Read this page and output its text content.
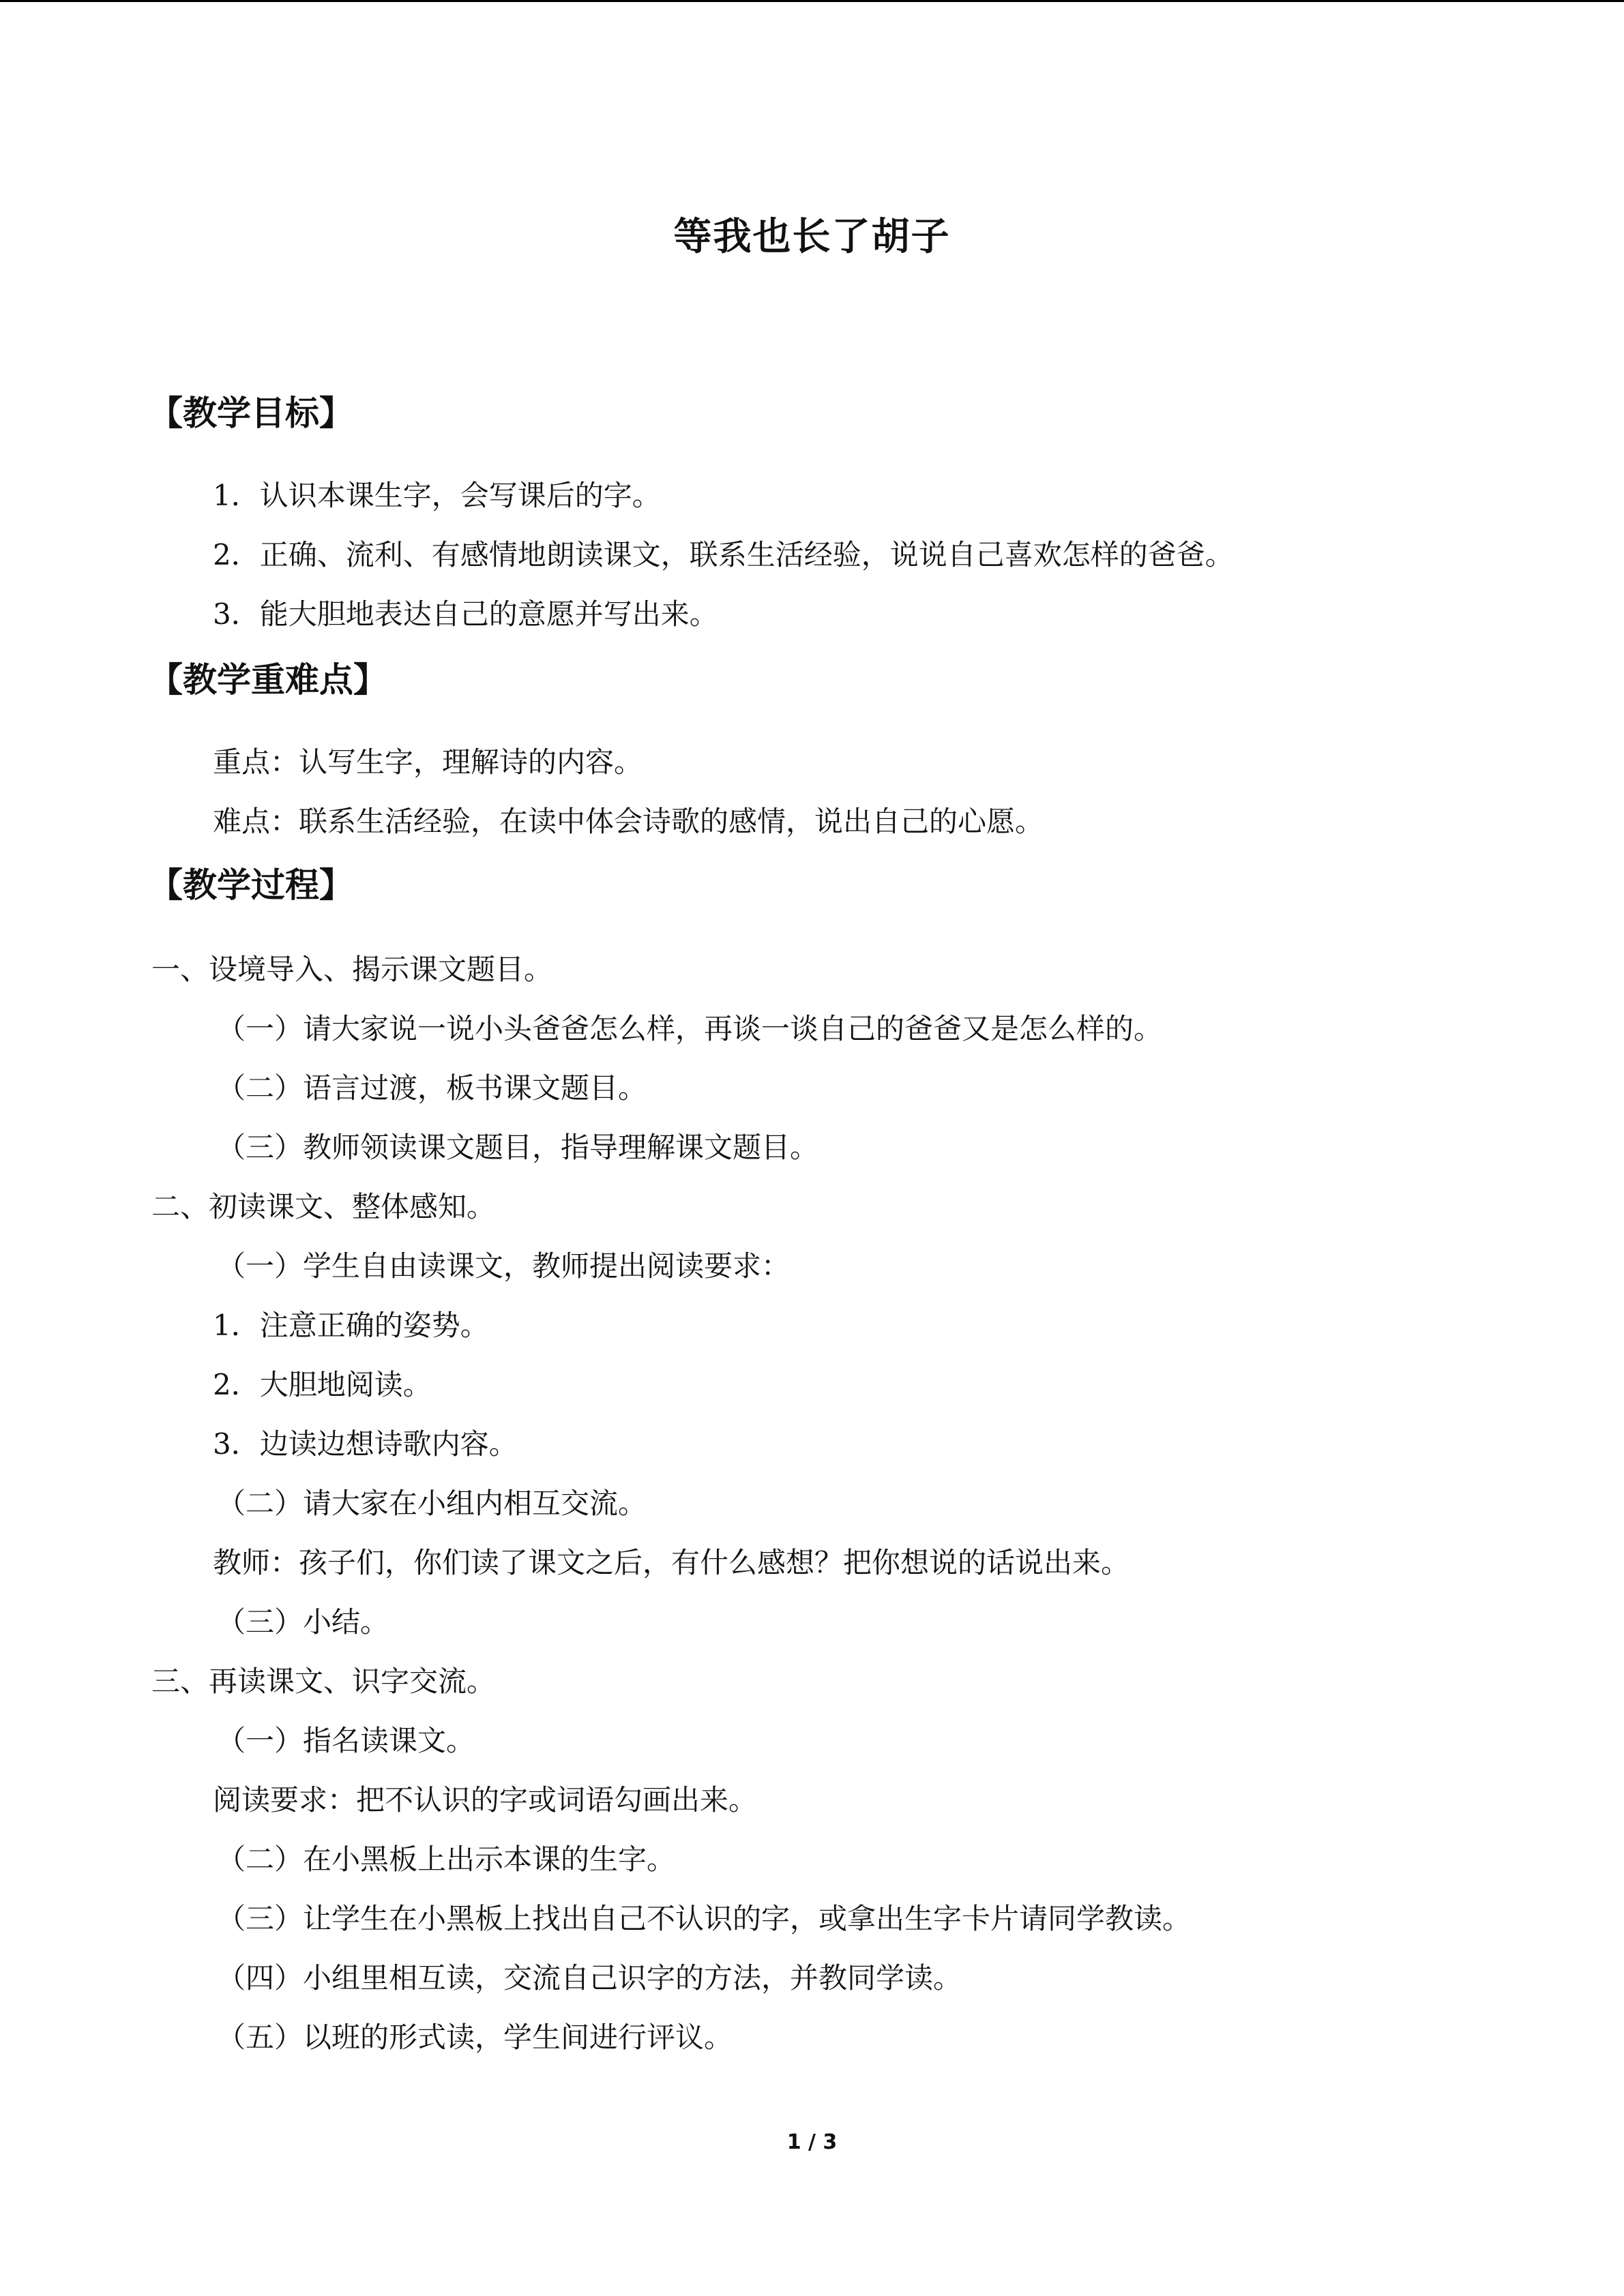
等我也长了胡子
【教学目标】
1．认识本课生字，会写课后的字。
2．正确、流利、有感情地朗读课文，联系生活经验，说说自己喜欢怎样的爸爸。
3．能大胆地表达自己的意愿并写出来。
【教学重难点】
重点：认写生字，理解诗的内容。
难点：联系生活经验，在读中体会诗歌的感情，说出自己的心愿。
【教学过程】
一、设境导入、揭示课文题目。
（一）请大家说一说小头爸爸怎么样，再谈一谈自己的爸爸又是怎么样的。
（二）语言过渡，板书课文题目。
（三）教师领读课文题目，指导理解课文题目。
二、初读课文、整体感知。
（一）学生自由读课文，教师提出阅读要求：
1．注意正确的姿势。
2．大胆地阅读。
3．边读边想诗歌内容。
（二）请大家在小组内相互交流。
教师：孩子们，你们读了课文之后，有什么感想？把你想说的话说出来。
（三）小结。
三、再读课文、识字交流。
（一）指名读课文。
阅读要求：把不认识的字或词语勾画出来。
（二）在小黑板上出示本课的生字。
（三）让学生在小黑板上找出自己不认识的字，或拿出生字卡片请同学教读。
（四）小组里相互读，交流自己识字的方法，并教同学读。
（五）以班的形式读，学生间进行评议。
1 / 3
